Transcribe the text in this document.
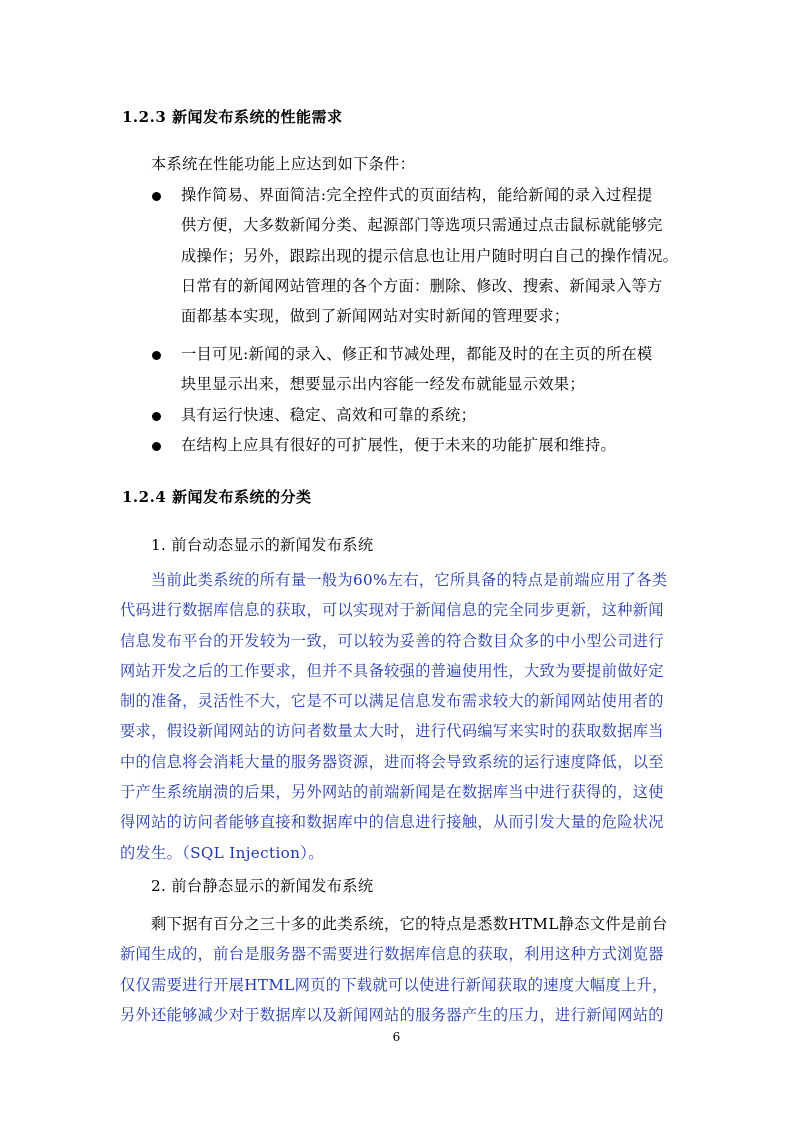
1.2.3 新闻发布系统的性能需求
本系统在性能功能上应达到如下条件：
操作简易、界面简洁:完全控件式的页面结构，能给新闻的录入过程提
供方便，大多数新闻分类、起源部门等选项只需通过点击鼠标就能够完
成操作；另外，跟踪出现的提示信息也让用户随时明白自己的操作情况。
日常有的新闻网站管理的各个方面：删除、修改、搜索、新闻录入等方
面都基本实现，做到了新闻网站对实时新闻的管理要求；
一目可见:新闻的录入、修正和节减处理，都能及时的在主页的所在模
块里显示出来，想要显示出内容能一经发布就能显示效果；
具有运行快速、稳定、高效和可靠的系统；
在结构上应具有很好的可扩展性，便于未来的功能扩展和维持。
1.2.4 新闻发布系统的分类
1. 前台动态显示的新闻发布系统
当前此类系统的所有量一般为60%左右，它所具备的特点是前端应用了各类
代码进行数据库信息的获取，可以实现对于新闻信息的完全同步更新，这种新闻
信息发布平台的开发较为一致，可以较为妥善的符合数目众多的中小型公司进行
网站开发之后的工作要求，但并不具备较强的普遍使用性，大致为要提前做好定
制的准备，灵活性不大，它是不可以满足信息发布需求较大的新闻网站使用者的
要求，假设新闻网站的访问者数量太大时，进行代码编写来实时的获取数据库当
中的信息将会消耗大量的服务器资源，进而将会导致系统的运行速度降低，以至
于产生系统崩溃的后果，另外网站的前端新闻是在数据库当中进行获得的，这使
得网站的访问者能够直接和数据库中的信息进行接触，从而引发大量的危险状况
的发生。（SQL Injection）。
2. 前台静态显示的新闻发布系统
剩下据有百分之三十多的此类系统，它的特点是悉数HTML静态文件是前台
新闻生成的，前台是服务器不需要进行数据库信息的获取，利用这种方式浏览器
仅仅需要进行开展HTML网页的下载就可以使进行新闻获取的速度大幅度上升，
另外还能够减少对于数据库以及新闻网站的服务器产生的压力，进行新闻网站的
6
